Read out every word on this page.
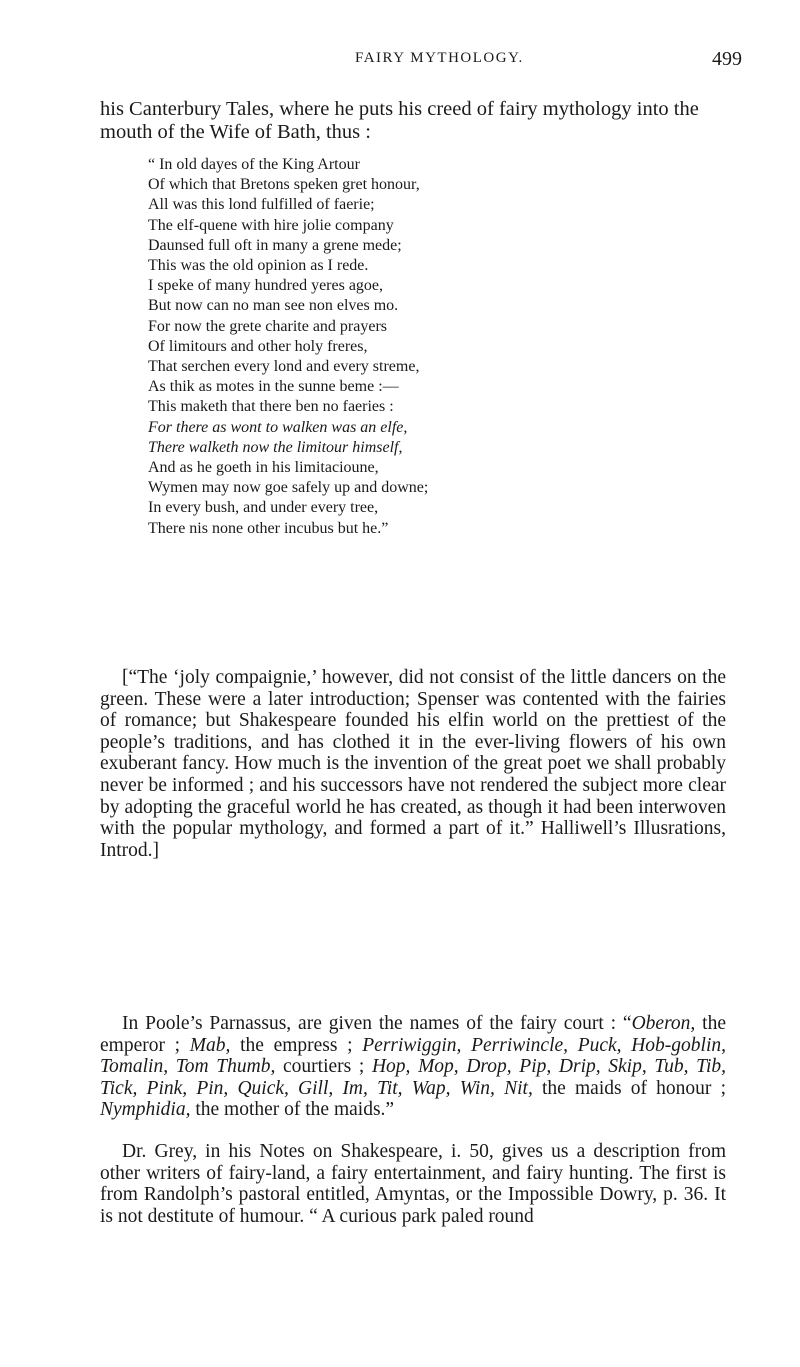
FAIRY MYTHOLOGY.	499
his Canterbury Tales, where he puts his creed of fairy mythology into the mouth of the Wife of Bath, thus :
“ In old dayes of the King Artour
Of which that Bretons speken gret honour,
All was this lond fulfilled of faerie;
The elf-quene with hire jolie company
Daunsed full oft in many a grene mede;
This was the old opinion as I rede.
I speke of many hundred yeres agoe,
But now can no man see non elves mo.
For now the grete charite and prayers
Of limitours and other holy freres,
That serchen every lond and every streme,
As thik as motes in the sunne beme :—
This maketh that there ben no faeries :
For there as wont to walken was an elfe,
There walketh now the limitour himself,
And as he goeth in his limitacioune,
Wymen may now goe safely up and downe;
In every bush, and under every tree,
There nis none other incubus but he.”
[“The ‘joly compaignie,’ however, did not consist of the little dancers on the green. These were a later introduction; Spenser was contented with the fairies of romance; but Shakespeare founded his elfin world on the prettiest of the people’s traditions, and has clothed it in the ever-living flowers of his own exuberant fancy. How much is the invention of the great poet we shall probably never be informed ; and his successors have not rendered the subject more clear by adopting the graceful world he has created, as though it had been interwoven with the popular mythology, and formed a part of it.” Halliwell’s Illusrations, Introd.]
In Poole’s Parnassus, are given the names of the fairy court : “Oberon, the emperor ; Mab, the empress ; Perriwiggin, Perriwincle, Puck, Hob-goblin, Tomalin, Tom Thumb, courtiers ; Hop, Mop, Drop, Pip, Drip, Skip, Tub, Tib, Tick, Pink, Pin, Quick, Gill, Im, Tit, Wap, Win, Nit, the maids of honour ; Nymphidia, the mother of the maids.”
Dr. Grey, in his Notes on Shakespeare, i. 50, gives us a description from other writers of fairy-land, a fairy entertainment, and fairy hunting. The first is from Randolph’s pastoral entitled, Amyntas, or the Impossible Dowry, p. 36. It is not destitute of humour. “ A curious park paled round
